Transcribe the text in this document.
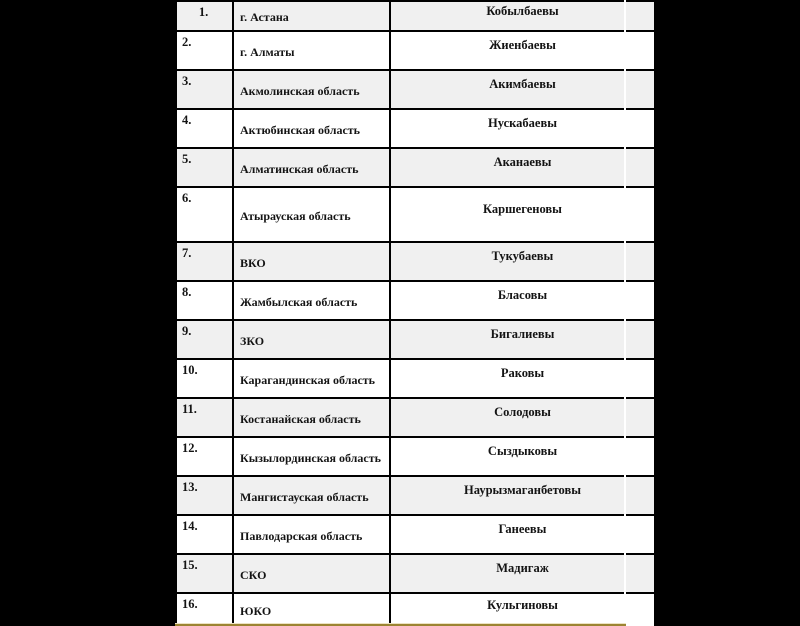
1.	г. Астана	Кобылбаевы
2.	г. Алматы	Жиенбаевы
3.	Акмолинская область	Акимбаевы
4.	Актюбинская область	Нускабаевы
5.	Алматинская область	Аканаевы
6.	Атырауская область	Каршегеновы
7.	ВКО	Тукубаевы
8.	Жамбылская область	Бласовы
9.	ЗКО	Бигалиевы
10.	Карагандинская область	Раковы
11.	Костанайская область	Солодовы
12.	Кызылординская область	Сыздыковы
13.	Мангистауская область	Наурызмаганбетовы
14.	Павлодарская область	Ганеевы
15.	СКО	Мадигаж
16.	ЮКО	Кульгиновы
